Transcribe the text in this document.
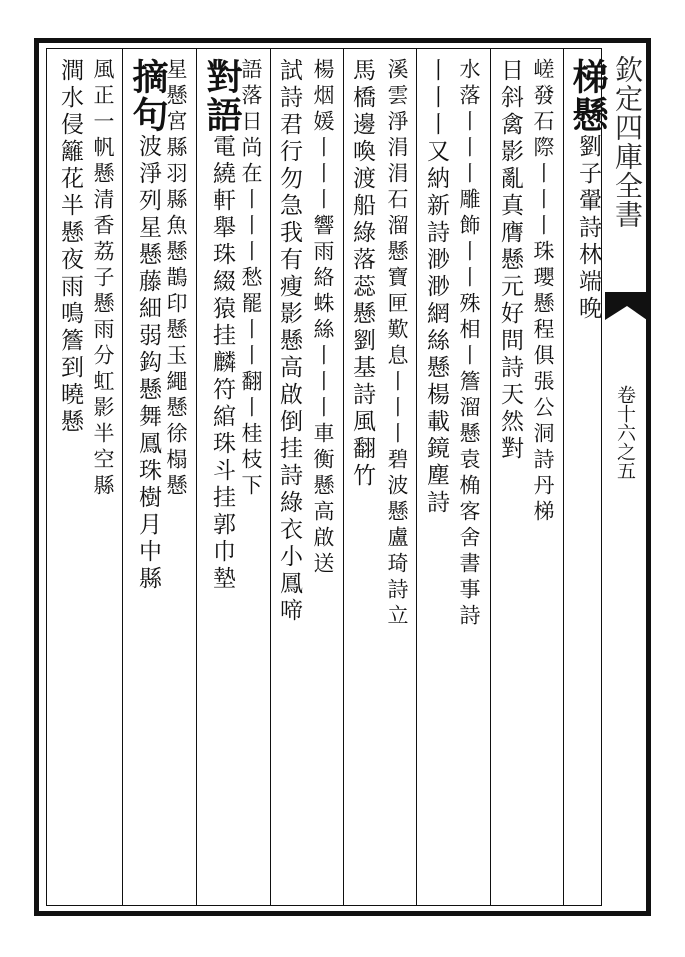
欽定四庫全書
卷十六之五
梯懸劉子翬詩林端晚
嵯發石際丨丨丨珠瓔懸程俱張公洞詩丹梯
日斜禽影亂真膺懸元好問詩天然對
水落丨丨丨雕飾丨丨殊相丨簷溜懸袁桷客舍書事詩
丨丨丨又納新詩渺渺網絲懸楊載鏡塵詩
溪雲淨涓涓石溜懸寶匣歎息丨丨丨碧波懸盧琦詩立
馬橋邊喚渡船綠落蕊懸劉基詩風翻竹
楊烟媛丨丨丨響雨絡蛛絲丨丨丨車衡懸高啟送
試詩君行勿急我有瘦影懸高啟倒挂詩綠衣小鳳啼
語落日尚在丨丨丨愁罷丨丨翻丨桂枝下
對語電繞軒舉珠綴猿挂麟符綰珠斗挂郭巾墊
星懸宮縣羽縣魚懸鵲印懸玉繩懸徐榻懸
摘句波淨列星懸藤細弱鈎懸舞鳳珠樹月中縣
風正一帆懸清香荔子懸雨分虹影半空縣
澗水侵籬花半懸夜雨鳴簷到曉懸
